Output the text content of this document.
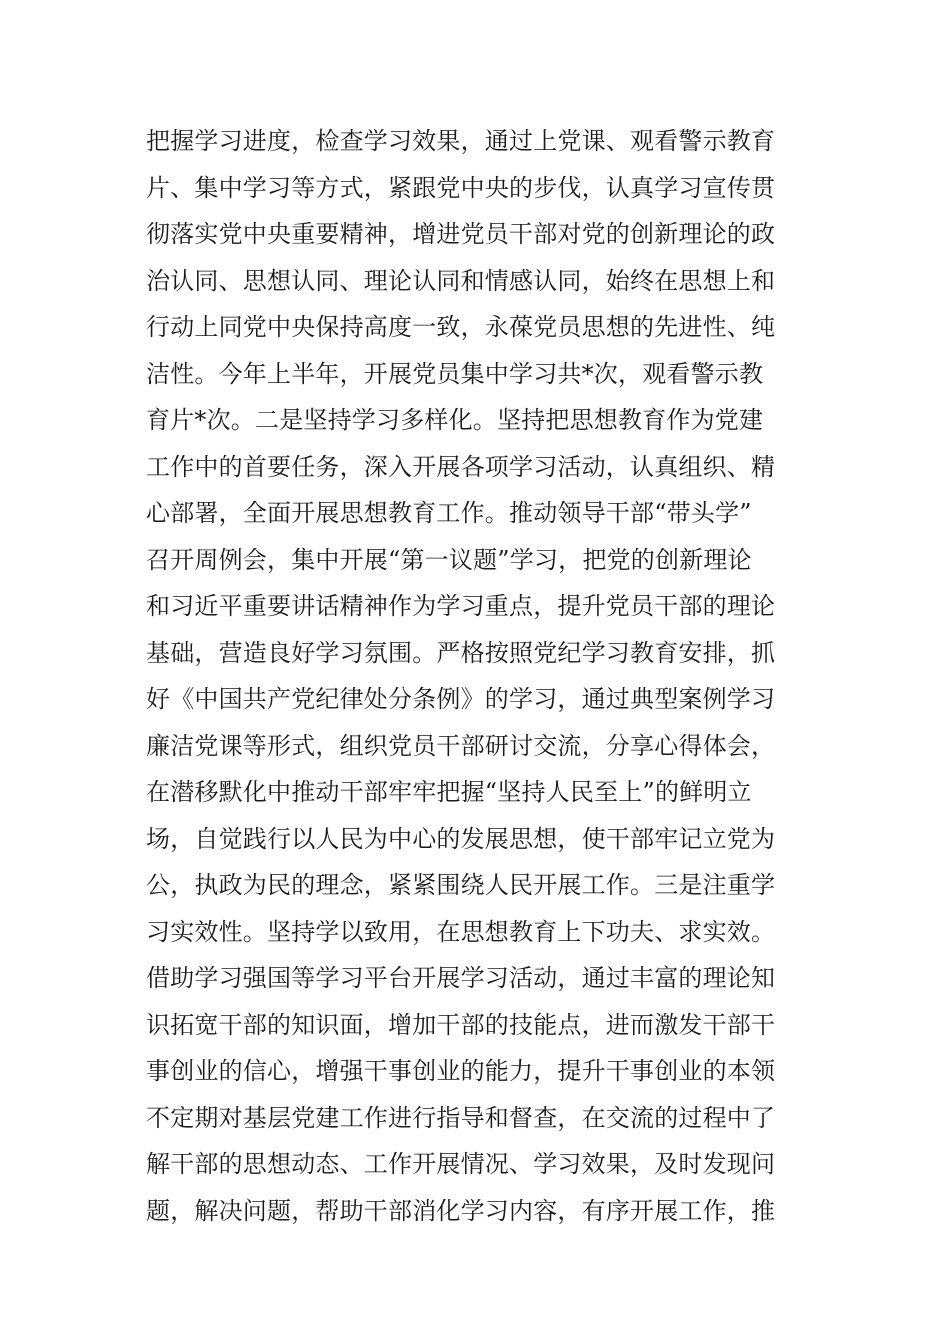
把握学习进度，检查学习效果，通过上党课、观看警示教育
片、集中学习等方式，紧跟党中央的步伐，认真学习宣传贯
彻落实党中央重要精神，增进党员干部对党的创新理论的政
治认同、思想认同、理论认同和情感认同，始终在思想上和
行动上同党中央保持高度一致，永葆党员思想的先进性、纯
洁性。今年上半年，开展党员集中学习共*次，观看警示教
育片*次。二是坚持学习多样化。坚持把思想教育作为党建
工作中的首要任务，深入开展各项学习活动，认真组织、精
心部署，全面开展思想教育工作。推动领导干部“带头学”
召开周例会，集中开展“第一议题”学习，把党的创新理论
和习近平重要讲话精神作为学习重点，提升党员干部的理论
基础，营造良好学习氛围。严格按照党纪学习教育安排，抓
好《中国共产党纪律处分条例》的学习，通过典型案例学习
廉洁党课等形式，组织党员干部研讨交流，分享心得体会，
在潜移默化中推动干部牢牢把握“坚持人民至上”的鲜明立
场，自觉践行以人民为中心的发展思想，使干部牢记立党为
公，执政为民的理念，紧紧围绕人民开展工作。三是注重学
习实效性。坚持学以致用，在思想教育上下功夫、求实效。
借助学习强国等学习平台开展学习活动，通过丰富的理论知
识拓宽干部的知识面，增加干部的技能点，进而激发干部干
事创业的信心，增强干事创业的能力，提升干事创业的本领
不定期对基层党建工作进行指导和督查，在交流的过程中了
解干部的思想动态、工作开展情况、学习效果，及时发现问
题，解决问题，帮助干部消化学习内容，有序开展工作，推
